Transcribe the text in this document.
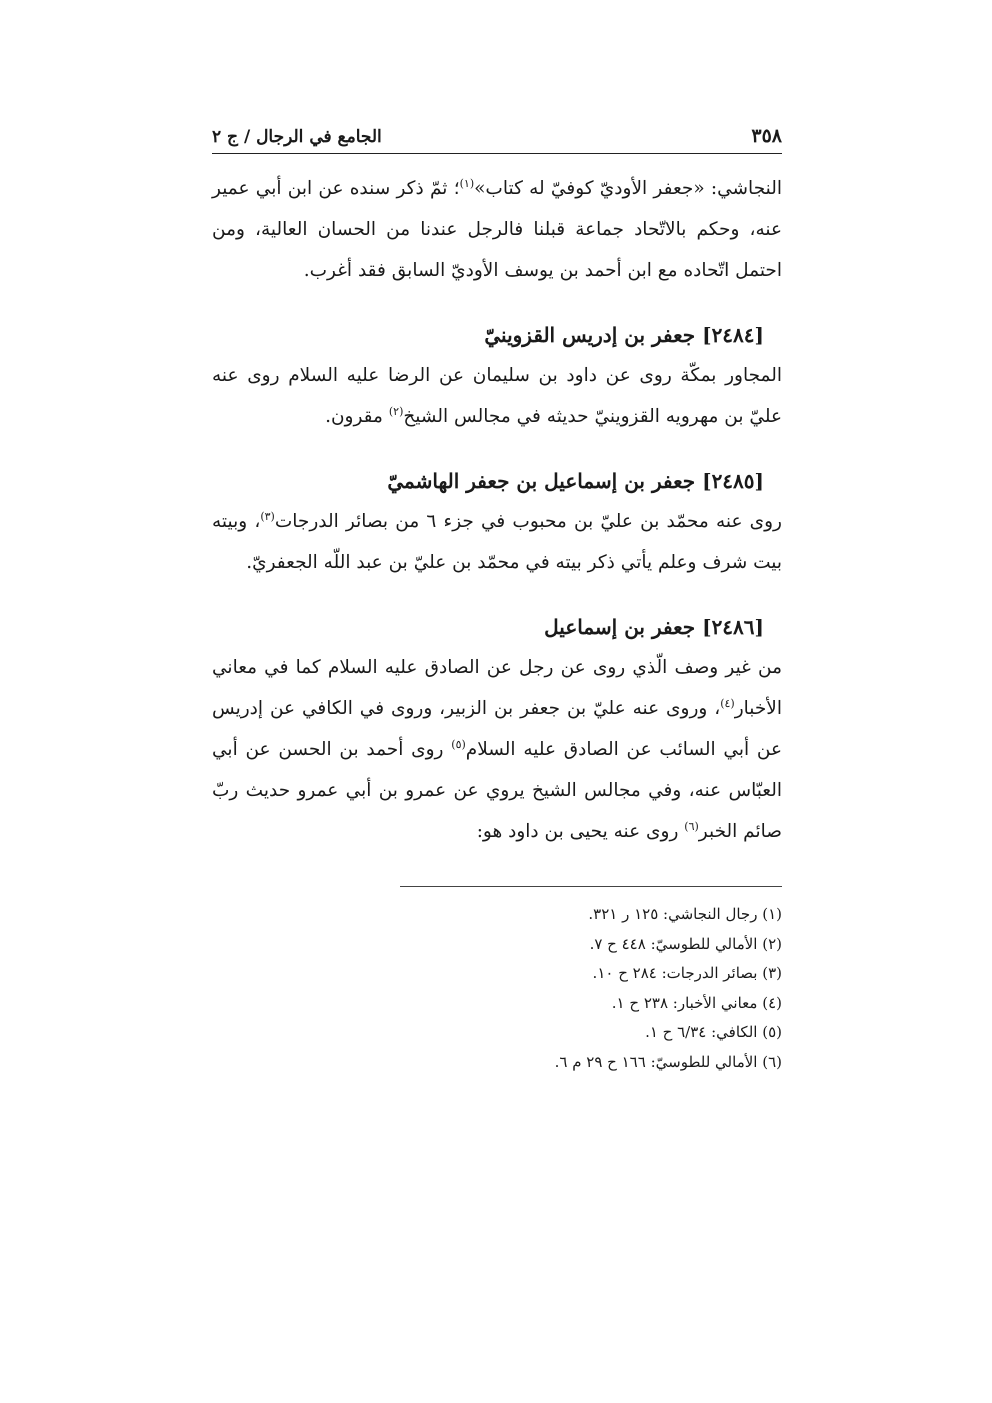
٣٥٨
الجامع في الرجال / ج ٢

النجاشي: «جعفر الأوديّ كوفيّ له كتاب»$^{(١)}$؛ ثمّ ذكر سنده عن ابن أبي عمير عنه، وحكم بالاتّحاد جماعة قبلنا فالرجل عندنا من الحسان العالية، ومن احتمل اتّحاده مع ابن أحمد بن يوسف الأوديّ السابق فقد أغرب.

[٢٤٨٤] جعفر بن إدريس القزوينيّ

المجاور بمكّة روى عن داود بن سليمان عن الرضا عليه السلام روى عنه عليّ بن مهرويه القزوينيّ حديثه في مجالس الشيخ$^{(٢)}$ مقرون.

[٢٤٨٥] جعفر بن إسماعيل بن جعفر الهاشميّ

روى عنه محمّد بن عليّ بن محبوب في جزء ٦ من بصائر الدرجات$^{(٣)}$، وبيته بيت شرف وعلم يأتي ذكر بيته في محمّد بن عليّ بن عبد اللّه الجعفريّ.

[٢٤٨٦] جعفر بن إسماعيل

من غير وصف الّذي روى عن رجل عن الصادق عليه السلام كما في معاني الأخبار$^{(٤)}$، وروى عنه عليّ بن جعفر بن الزبير، وروى في الكافي عن إدريس عن أبي السائب عن الصادق عليه السلام$^{(٥)}$ روى أحمد بن الحسن عن أبي العبّاس عنه، وفي مجالس الشيخ يروي عن عمرو بن أبي عمرو حديث ربّ صائم الخبر$^{(٦)}$ روى عنه يحيى بن داود هو:

(١) رجال النجاشي: ١٢٥ ر ٣٢١.

(٢) الأمالي للطوسيّ: ٤٤٨ ح ٧.

(٣) بصائر الدرجات: ٢٨٤ ح ١٠.

(٤) معاني الأخبار: ٢٣٨ ح ١.

(٥) الكافي: ٦/٣٤ ح ١.

(٦) الأمالي للطوسيّ: ١٦٦ ح ٢٩ م ٦.
